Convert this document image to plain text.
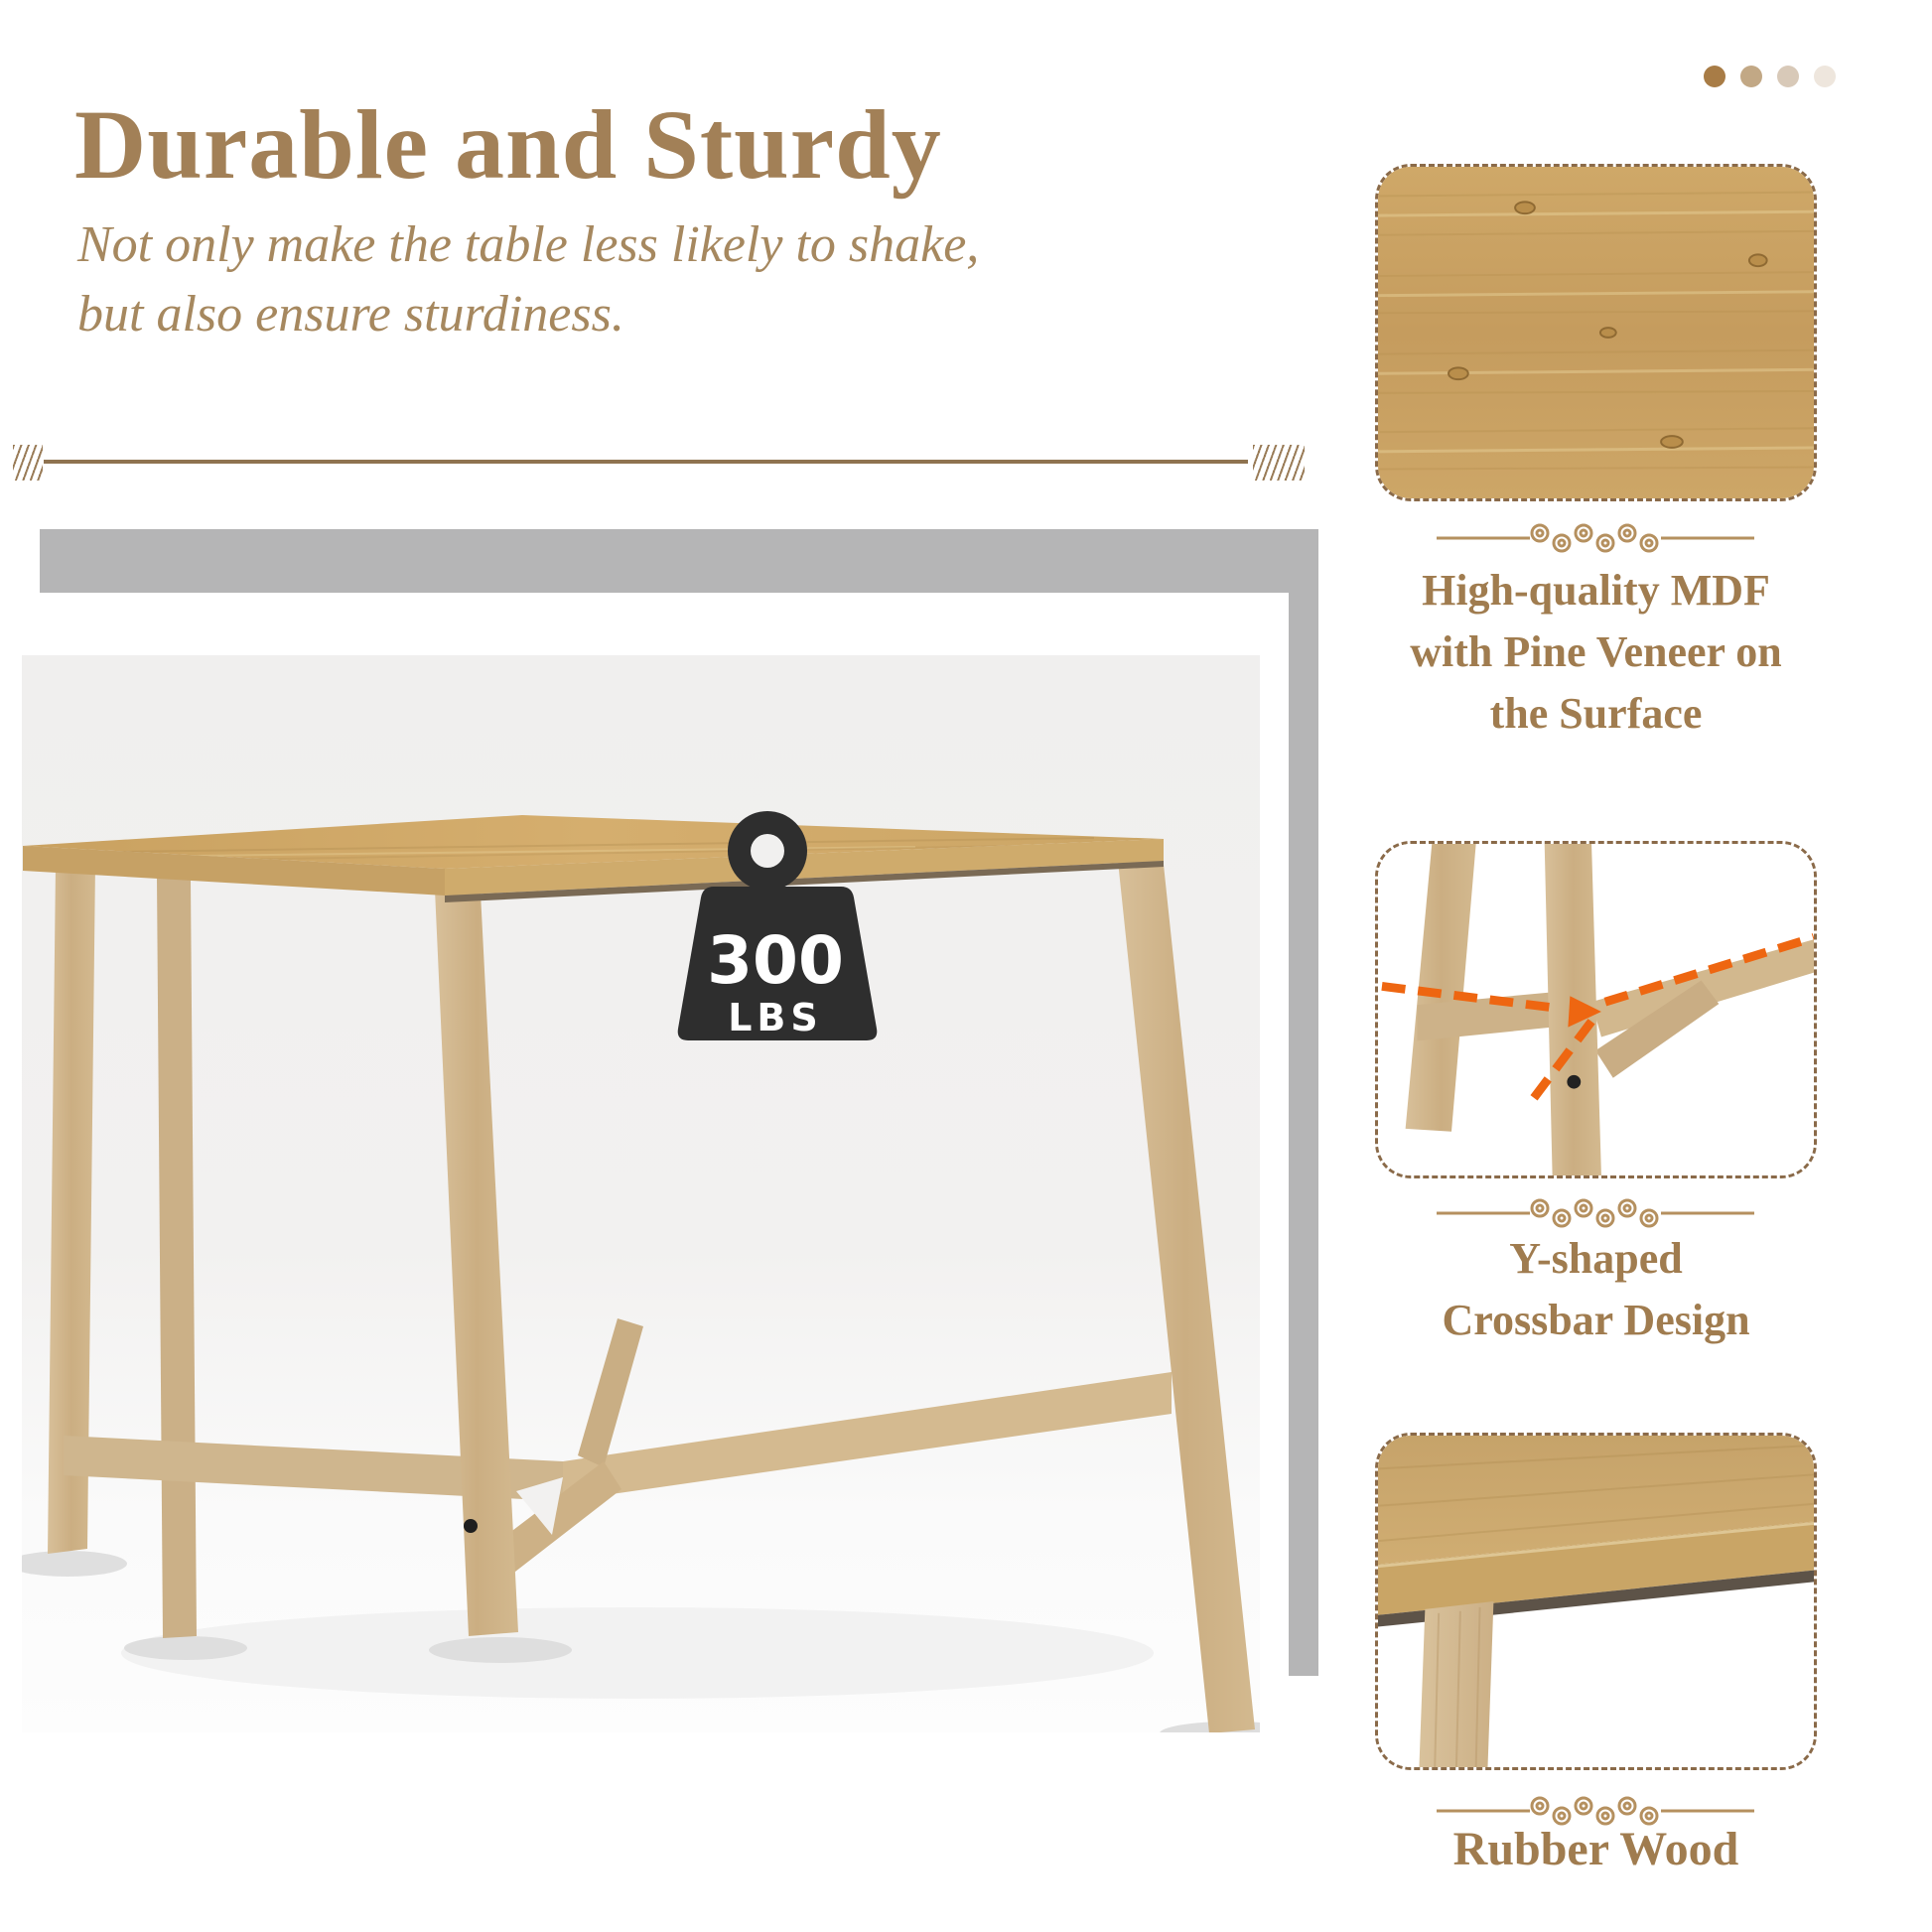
Durable and Sturdy
Not only make the table less likely to shake,
but also ensure sturdiness.
300
LBS
High-quality MDF
with Pine Veneer on
the Surface
Y-shaped
Crossbar Design
Rubber Wood
